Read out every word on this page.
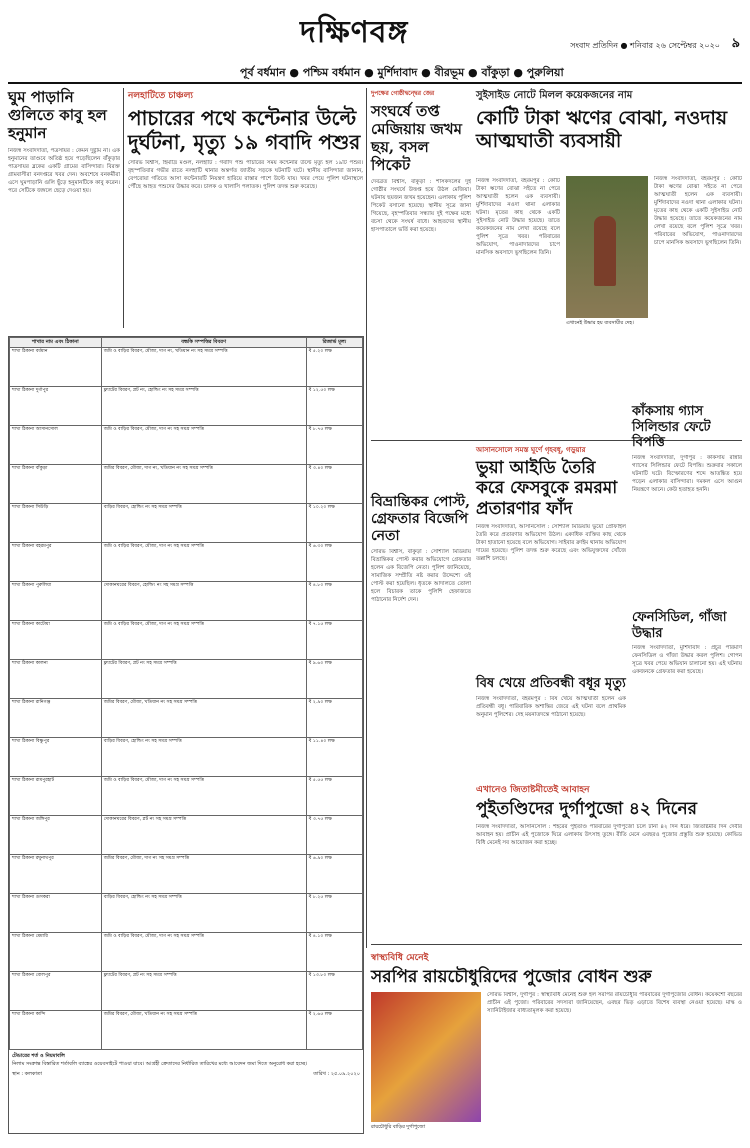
দক্ষিণবঙ্গ	সংবাদ প্রতিদিন ● শনিবার ২৬ সেপ্টেম্বর ২০২০ ৯
পূর্ব বর্ধমান ● পশ্চিম বর্ধমান ● মুর্শিদাবাদ ● বীরভূম ● বাঁকুড়া ● পুরুলিয়া
ঘুম পাড়ানি গুলিতে কাবু হল হনুমান
নিজস্ব সংবাদদাতা, পত্রসায়র : কেমন দুষ্টুমি না। এক হনুমানের তাণ্ডবে অতিষ্ঠ হয়ে পড়েছিলেন বাঁকুড়ার পাত্রসায়র ব্লকের একটি গ্রামের বাসিন্দারা। বিরক্ত গ্রামবাসীরা বনদপ্তরে খবর দেন। অবশেষে বনকর্মীরা এসে ঘুমপাড়ানি গুলি ছুঁড়ে হনুমানটিকে কাবু করেন। পরে সেটিকে জঙ্গলে ছেড়ে দেওয়া হয়।
নলহাটিতে চাঞ্চল্য
পাচারের পথে কন্টেনার উল্টে দুর্ঘটনা, মৃত্যু ১৯ গবাদি পশুর
সৌরভ বিশ্বাস, হিমাদ্রি মণ্ডল, নলহাটি : গবাদি পশু পাচারের সময় কন্টেনার উল্টে মৃত্যু হল ১৯টি পশুর। বৃহস্পতিবার গভীর রাতে নলহাটি থানার অন্তর্গত জাতীয় সড়কে ঘটনাটি ঘটে। স্থানীয় বাসিন্দারা জানান, বেপরোয়া গতিতে আসা কন্টেনারটি নিয়ন্ত্রণ হারিয়ে রাস্তার পাশে উল্টে যায়। খবর পেয়ে পুলিশ ঘটনাস্থলে পৌঁছে আহত পশুদের উদ্ধার করে। চালক ও খালাসি পলাতক। পুলিশ তদন্ত শুরু করেছে।
শাখার নাম এবং ঠিকানা	বন্ধকি সম্পত্তির বিবরণ	রিজার্ভ মূল্য
শাখা ঠিকানা বর্ধমান	জমি ও বাড়ির বিবরণ, মৌজা, দাগ নং, খতিয়ান নং সহ সমগ্র সম্পত্তি	₹ ৫.২০ লক্ষ
শাখা ঠিকানা দুর্গাপুর	ফ্ল্যাটের বিবরণ, প্লট নং, হোল্ডিং নং সহ সমগ্র সম্পত্তি	₹ ১২.৫০ লক্ষ
শাখা ঠিকানা আসানসোল	জমি ও বাড়ির বিবরণ, মৌজা, দাগ নং সহ সমগ্র সম্পত্তি	₹ ৮.৭৫ লক্ষ
শাখা ঠিকানা বাঁকুড়া	জমির বিবরণ, মৌজা, দাগ নং, খতিয়ান নং সহ সমগ্র সম্পত্তি	₹ ৩.৪০ লক্ষ
শাখা ঠিকানা সিউড়ি	বাড়ির বিবরণ, হোল্ডিং নং সহ সমগ্র সম্পত্তি	₹ ১০.২০ লক্ষ
শাখা ঠিকানা বহরমপুর	জমি ও বাড়ির বিবরণ, মৌজা, দাগ নং সহ সমগ্র সম্পত্তি	₹ ৬.৩০ লক্ষ
শাখা ঠিকানা পুরুলিয়া	দোকানঘরের বিবরণ, হোল্ডিং নং সহ সমগ্র সম্পত্তি	₹ ৪.৮০ লক্ষ
শাখা ঠিকানা কাটোয়া	জমি ও বাড়ির বিবরণ, মৌজা, দাগ নং সহ সমগ্র সম্পত্তি	₹ ৭.১৫ লক্ষ
শাখা ঠিকানা কালনা	ফ্ল্যাটের বিবরণ, প্লট নং সহ সমগ্র সম্পত্তি	₹ ৯.৬০ লক্ষ
শাখা ঠিকানা রানিগঞ্জ	জমির বিবরণ, মৌজা, খতিয়ান নং সহ সমগ্র সম্পত্তি	₹ ২.৯০ লক্ষ
শাখা ঠিকানা বিষ্ণুপুর	বাড়ির বিবরণ, হোল্ডিং নং সহ সমগ্র সম্পত্তি	₹ ১১.৪০ লক্ষ
শাখা ঠিকানা রামপুরহাট	জমি ও বাড়ির বিবরণ, মৌজা, দাগ নং সহ সমগ্র সম্পত্তি	₹ ৫.৫৫ লক্ষ
শাখা ঠিকানা জঙ্গিপুর	দোকানঘরের বিবরণ, প্লট নং সহ সমগ্র সম্পত্তি	₹ ৩.৭৫ লক্ষ
শাখা ঠিকানা রঘুনাথপুর	জমির বিবরণ, মৌজা, দাগ নং সহ সমগ্র সম্পত্তি	₹ ৬.৯০ লক্ষ
শাখা ঠিকানা গুসকরা	বাড়ির বিবরণ, হোল্ডিং নং সহ সমগ্র সম্পত্তি	₹ ৮.২৫ লক্ষ
শাখা ঠিকানা মেমারি	জমি ও বাড়ির বিবরণ, মৌজা, দাগ নং সহ সমগ্র সম্পত্তি	₹ ৪.১০ লক্ষ
শাখা ঠিকানা বোলপুর	ফ্ল্যাটের বিবরণ, প্লট নং সহ সমগ্র সম্পত্তি	₹ ১৩.৮০ লক্ষ
শাখা ঠিকানা কান্দি	জমির বিবরণ, মৌজা, খতিয়ান নং সহ সমগ্র সম্পত্তি	₹ ২.৬৫ লক্ষ
টেন্ডারের শর্ত ও নিয়মাবলি
নিলাম সংক্রান্ত বিস্তারিত শর্তাবলি ব্যাঙ্কের ওয়েবসাইটে পাওয়া যাবে। আগ্রহী ক্রেতাদের নির্ধারিত তারিখের মধ্যে আবেদন জমা দিতে অনুরোধ করা হচ্ছে।
স্থান : কলকাতা	তারিখ : ২৫.০৯.২০২০
দুপক্ষের গোষ্ঠীদ্বন্দ্বের জের
সংঘর্ষে তপ্ত মেজিয়ায় জখম ছয়, বসল পিকেট
দেবব্রত বিশ্বাস, বাঁকুড়া : শাসকদলের দুই গোষ্ঠীর সংঘর্ষে উত্তপ্ত হয়ে উঠল মেজিয়া। ঘটনায় ছয়জন জখম হয়েছেন। এলাকায় পুলিশ পিকেট বসানো হয়েছে। স্থানীয় সূত্রে জানা গিয়েছে, বৃহস্পতিবার সন্ধ্যায় দুই পক্ষের মধ্যে বচসা থেকে সংঘর্ষ বাধে। আহতদের স্থানীয় হাসপাতালে ভর্তি করা হয়েছে।
সুইসাইড নোটে মিলল কয়েকজনের নাম
কোটি টাকা ঋণের বোঝা, নওদায় আত্মঘাতী ব্যবসায়ী
নিজস্ব সংবাদদাতা, বহরমপুর : কোটি টাকা ঋণের বোঝা সইতে না পেরে আত্মঘাতী হলেন এক ব্যবসায়ী। মুর্শিদাবাদের নওদা থানা এলাকার ঘটনা। মৃতের কাছ থেকে একটি সুইসাইড নোট উদ্ধার হয়েছে। তাতে কয়েকজনের নাম লেখা রয়েছে বলে পুলিশ সূত্রে খবর। পরিবারের অভিযোগ, পাওনাদারদের চাপে মানসিক অবসাদে ভুগছিলেন তিনি।
এখানেই উদ্ধার হয় ব্যবসায়ীর দেহ।
নিজস্ব সংবাদদাতা, বহরমপুর : কোটি টাকা ঋণের বোঝা সইতে না পেরে আত্মঘাতী হলেন এক ব্যবসায়ী। মুর্শিদাবাদের নওদা থানা এলাকার ঘটনা। মৃতের কাছ থেকে একটি সুইসাইড নোট উদ্ধার হয়েছে। তাতে কয়েকজনের নাম লেখা রয়েছে বলে পুলিশ সূত্রে খবর। পরিবারের অভিযোগ, পাওনাদারদের চাপে মানসিক অবসাদে ভুগছিলেন তিনি।
আসানসোলে সমস্ত ঘুর্ণে গৃহবধূ, গড়ুয়ার
ভুয়া আইডি তৈরি করে ফেসবুকে রমরমা প্রতারণার ফাঁদ
নিজস্ব সংবাদদাতা, আসানসোল : সোশ্যাল মিডিয়ায় ভুয়ো প্রোফাইল তৈরি করে প্রতারণার অভিযোগ উঠল। একাধিক ব্যক্তির কাছ থেকে টাকা হাতানো হয়েছে বলে অভিযোগ। সাইবার ক্রাইম থানায় অভিযোগ দায়ের হয়েছে। পুলিশ তদন্ত শুরু করেছে এবং অভিযুক্তদের খোঁজে তল্লাশি চলছে।
বিভ্রান্তিকর পোস্ট, গ্রেফতার বিজেপি নেতা
সৌরভ বিশ্বাস, বাঁকুড়া : সোশ্যাল মিডিয়ায় বিভ্রান্তিকর পোস্ট করার অভিযোগে গ্রেফতার হলেন এক বিজেপি নেতা। পুলিশ জানিয়েছে, সামাজিক সম্প্রীতি নষ্ট করার উদ্দেশ্যে ওই পোস্ট করা হয়েছিল। ধৃতকে আদালতে তোলা হলে বিচারক তাকে পুলিশি হেফাজতে পাঠানোর নির্দেশ দেন।
কাঁকসায় গ্যাস সিলিন্ডার ফেটে বিপত্তি
নিজস্ব সংবাদদাতা, দুর্গাপুর : কাঁকসায় রান্নার গ্যাসের সিলিন্ডার ফেটে বিপত্তি। শুক্রবার সকালে ঘটনাটি ঘটে। বিস্ফোরণের শব্দে আতঙ্কিত হয়ে পড়েন এলাকার বাসিন্দারা। দমকল এসে আগুন নিয়ন্ত্রণে আনে। কেউ হতাহত হননি।
ফেনসিডিল, গাঁজা উদ্ধার
নিজস্ব সংবাদদাতা, মুর্শিদাবাদ : প্রচুর পরিমাণ ফেনসিডিল ও গাঁজা উদ্ধার করল পুলিশ। গোপন সূত্রে খবর পেয়ে অভিযান চালানো হয়। এই ঘটনায় একজনকে গ্রেফতার করা হয়েছে।
বিষ খেয়ে প্রতিবন্ধী বধূর মৃত্যু
নিজস্ব সংবাদদাতা, বহরমপুর : বিষ খেয়ে আত্মঘাতী হলেন এক প্রতিবন্ধী বধূ। পারিবারিক অশান্তির জেরে এই ঘটনা বলে প্রাথমিক অনুমান পুলিশের। দেহ ময়নাতদন্তে পাঠানো হয়েছে।
এখানেও জিতাষ্টমীতেই আবাহন
পুইতণ্ডিদের দুর্গাপুজো ৪২ দিনের
নিজস্ব সংবাদদাতা, আসানসোল : শহরের পুইতণ্ডি পরিবারের দুর্গাপুজো চলে টানা ৪২ দিন ধরে। জিতাষ্টমীর দিন দেবীর আবাহন হয়। প্রাচীন এই পুজোকে ঘিরে এলাকায় উৎসাহ তুঙ্গে। রীতি মেনে এবছরও পুজোর প্রস্তুতি শুরু হয়েছে। কোভিড বিধি মেনেই সব আয়োজন করা হচ্ছে।
স্বাস্থ্যবিধি মেনেই
সরপির রায়চৌধুরিদের পুজোর বোধন শুরু
রায়চৌধুরি বাড়ির দুর্গাপুজো
সৌরভ বিশ্বাস, দুর্গাপুর : স্বাস্থ্যবিধি মেনেই শুরু হল সরপির রায়চৌধুরি পরিবারের দুর্গাপুজোর বোধন। কয়েকশো বছরের প্রাচীন এই পুজো। পরিবারের সদস্যরা জানিয়েছেন, এবছর ভিড় এড়াতে বিশেষ ব্যবস্থা নেওয়া হয়েছে। মাস্ক ও স্যানিটাইজার বাধ্যতামূলক করা হয়েছে।
